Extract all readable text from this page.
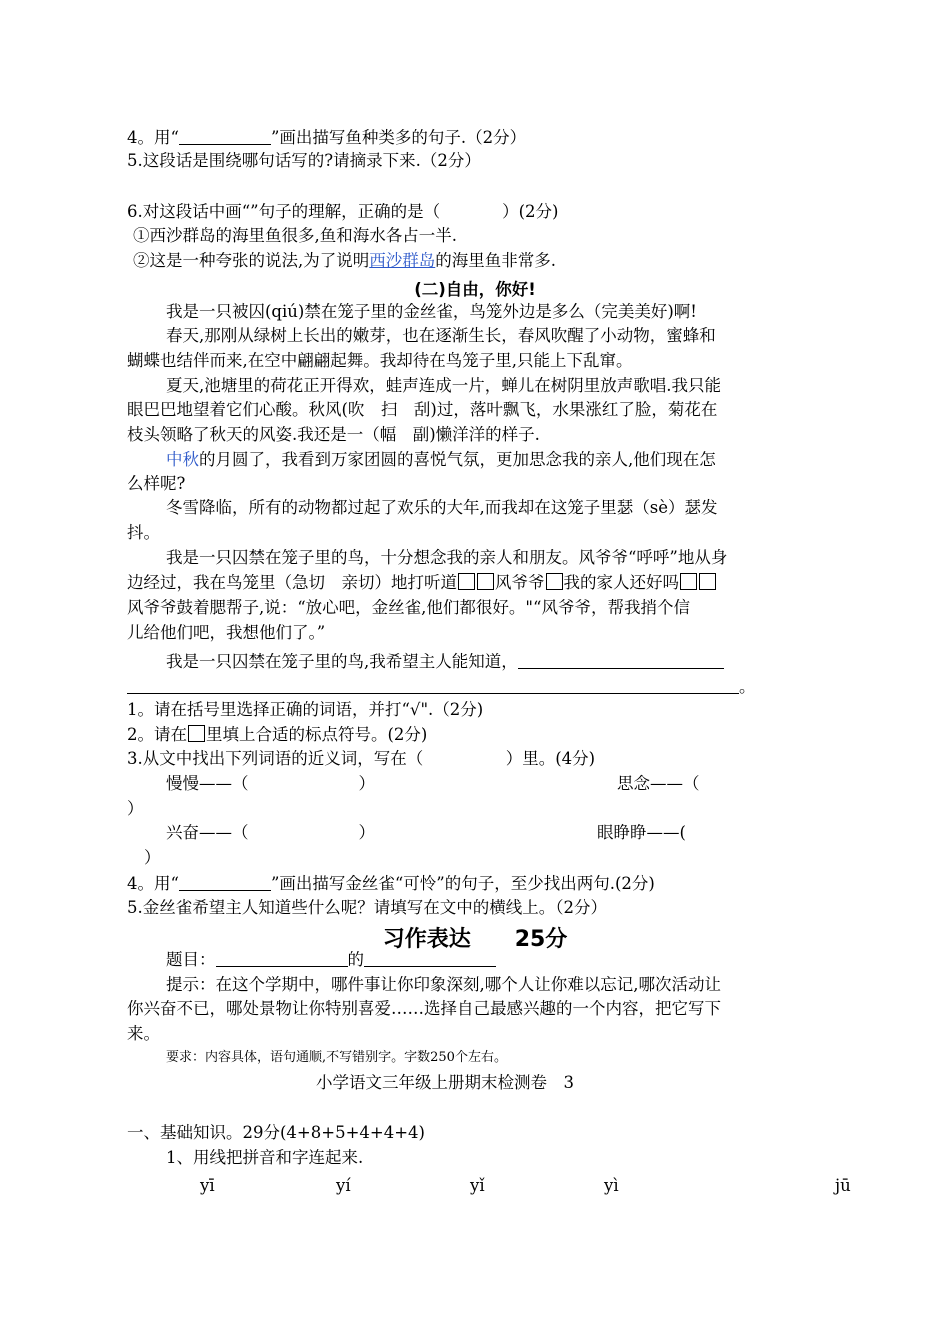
4。用“	”画出描写鱼种类多的句子.（2分）
5.这段话是围绕哪句话写的?请摘录下来.（2分）
6.对这段话中画“”句子的理解，正确的是（	）(2分)
①西沙群岛的海里鱼很多,鱼和海水各占一半.
②这是一种夸张的说法,为了说明西沙群岛的海里鱼非常多.
(二)自由，你好!
我是一只被囚(qiú)禁在笼子里的金丝雀，鸟笼外边是多么（完美美好)啊!
春天,那刚从绿树上长出的嫩芽，也在逐渐生长，春风吹醒了小动物，蜜蜂和
蝴蝶也结伴而来,在空中翩翩起舞。我却待在鸟笼子里,只能上下乱窜。
夏天,池塘里的荷花正开得欢，蛙声连成一片，蝉儿在树阴里放声歌唱.我只能
眼巴巴地望着它们心酸。秋风(吹　扫　刮)过，落叶飘飞，水果涨红了脸，菊花在
枝头领略了秋天的风姿.我还是一（幅　副)懒洋洋的样子.
中秋的月圆了，我看到万家团圆的喜悦气氛，更加思念我的亲人,他们现在怎
么样呢?
冬雪降临，所有的动物都过起了欢乐的大年,而我却在这笼子里瑟（sè）瑟发
抖。
我是一只囚禁在笼子里的鸟，十分想念我的亲人和朋友。风爷爷“呼呼”地从身
边经过，我在鸟笼里（急切　亲切）地打听道 风爷爷 我的家人还好吗
风爷爷鼓着腮帮子,说：“放心吧，金丝雀,他们都很好。"“风爷爷，帮我捎个信
儿给他们吧，我想他们了。”
我是一只囚禁在笼子里的鸟,我希望主人能知道，
。
1。请在括号里选择正确的词语，并打“√".（2分)
2。请在 里填上合适的标点符号。(2分)
3.从文中找出下列词语的近义词，写在（　　　　　）里。(4分)
慢慢——（	）	思念——（
）
兴奋——（	）	眼睁睁——(
）
4。用“	”画出描写金丝雀“可怜”的句子，至少找出两句.(2分)
5.金丝雀希望主人知道些什么呢？请填写在文中的横线上。（2分）
习作表达　　25分
题目：	的
提示：在这个学期中，哪件事让你印象深刻,哪个人让你难以忘记,哪次活动让
你兴奋不已，哪处景物让你特别喜爱……选择自己最感兴趣的一个内容，把它写下
来。
要求：内容具体，语句通顺,不写错别字。字数250个左右。
小学语文三年级上册期末检测卷　3
一、基础知识。29分(4+8+5+4+4+4)
1、用线把拼音和字连起来.
yī	yí	yǐ	yì	jū
